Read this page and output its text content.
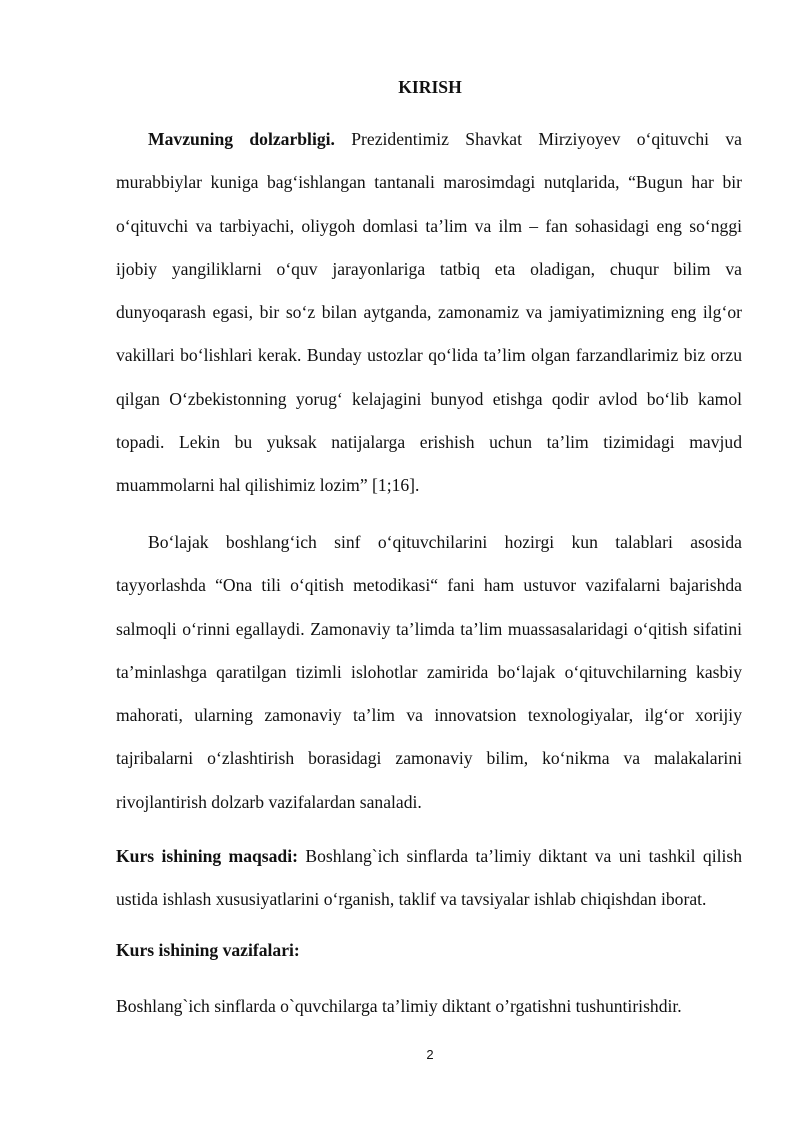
KIRISH

Mavzuning dolzarbligi. Prezidentimiz Shavkat Mirziyoyev o‘qituvchi va murabbiylar kuniga bag‘ishlangan tantanali marosimdagi nutqlarida, “Bugun har bir o‘qituvchi va tarbiyachi, oliygoh domlasi ta’lim va ilm – fan sohasidagi eng so‘nggi ijobiy yangiliklarni o‘quv jarayonlariga tatbiq eta oladigan, chuqur bilim va dunyoqarash egasi, bir so‘z bilan aytganda, zamonamiz va jamiyatimizning eng ilg‘or vakillari bo‘lishlari kerak. Bunday ustozlar qo‘lida ta’lim olgan farzandlarimiz biz orzu qilgan O‘zbekistonning yorug‘ kelajagini bunyod etishga qodir avlod bo‘lib kamol topadi. Lekin bu yuksak natijalarga erishish uchun ta’lim tizimidagi mavjud muammolarni hal qilishimiz lozim” [1;16].

Bo‘lajak boshlang‘ich sinf o‘qituvchilarini hozirgi kun talablari asosida tayyorlashda “Ona tili o‘qitish metodikasi“ fani ham ustuvor vazifalarni bajarishda salmoqli o‘rinni egallaydi. Zamonaviy ta’limda ta’lim muassasalaridagi o‘qitish sifatini ta’minlashga qaratilgan tizimli islohotlar zamirida bo‘lajak o‘qituvchilarning kasbiy mahorati, ularning zamonaviy ta’lim va innovatsion texnologiyalar, ilg‘or xorijiy tajribalarni o‘zlashtirish borasidagi zamonaviy bilim, ko‘nikma va malakalarini rivojlantirish dolzarb vazifalardan sanaladi.

Kurs ishining maqsadi: Boshlang`ich sinflarda ta’limiy diktant va uni tashkil qilish ustida ishlash xususiyatlarini o‘rganish, taklif va tavsiyalar ishlab chiqishdan iborat.

Kurs ishining vazifalari:

Boshlang`ich sinflarda o`quvchilarga ta’limiy diktant o’rgatishni tushuntirishdir.

2
